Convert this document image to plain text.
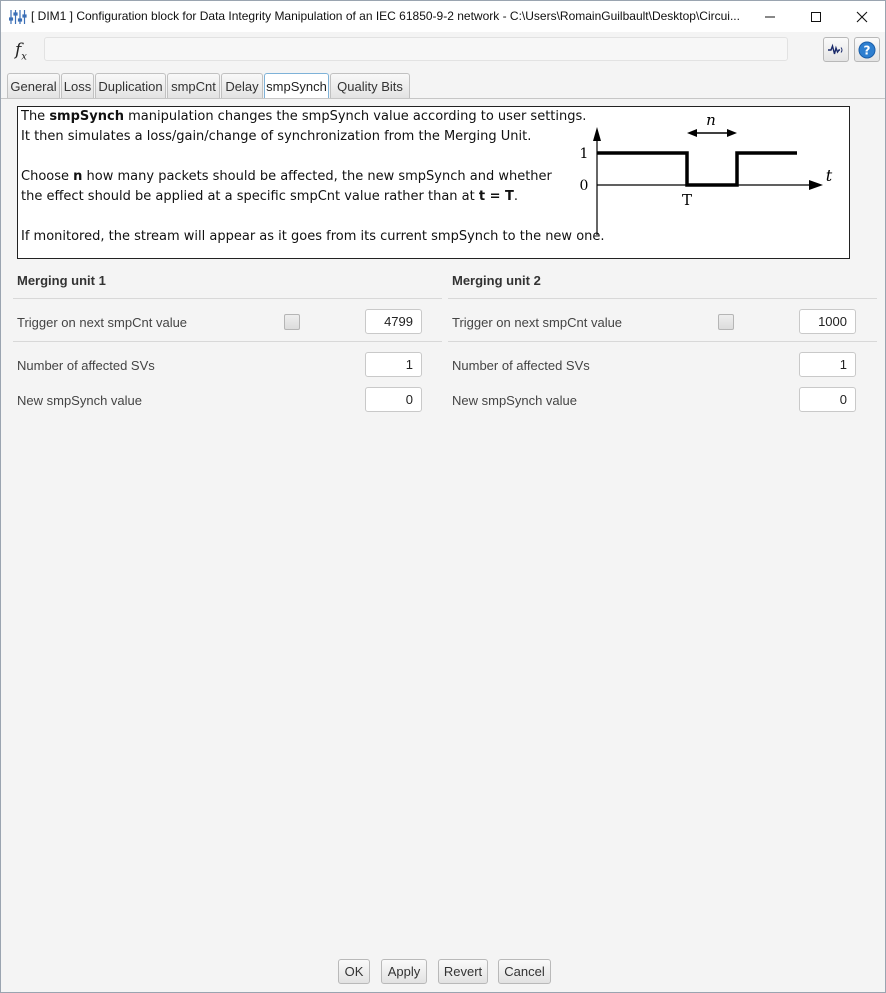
[ DIM1 ] Configuration block for Data Integrity Manipulation of an IEC 61850-9-2 network - C:\Users\RomainGuilbault\Desktop\Circui...
$f_x$	?
General Loss Duplication smpCnt Delay smpSynch Quality Bits
The smpSynch manipulation changes the smpSynch value according to user settings.
It then simulates a loss/gain/change of synchronization from the Merging Unit.
Choose n how many packets should be affected, the new smpSynch and whether
the effect should be applied at a specific smpCnt value rather than at t = T.
If monitored, the stream will appear as it goes from its current smpSynch to the new one.
n
t
T
1
0
Merging unit 1
Trigger on next smpCnt value	4799
Number of affected SVs	1
New smpSynch value	0
Merging unit 2
Trigger on next smpCnt value	1000
Number of affected SVs	1
New smpSynch value	0
OK	Apply	Revert	Cancel
